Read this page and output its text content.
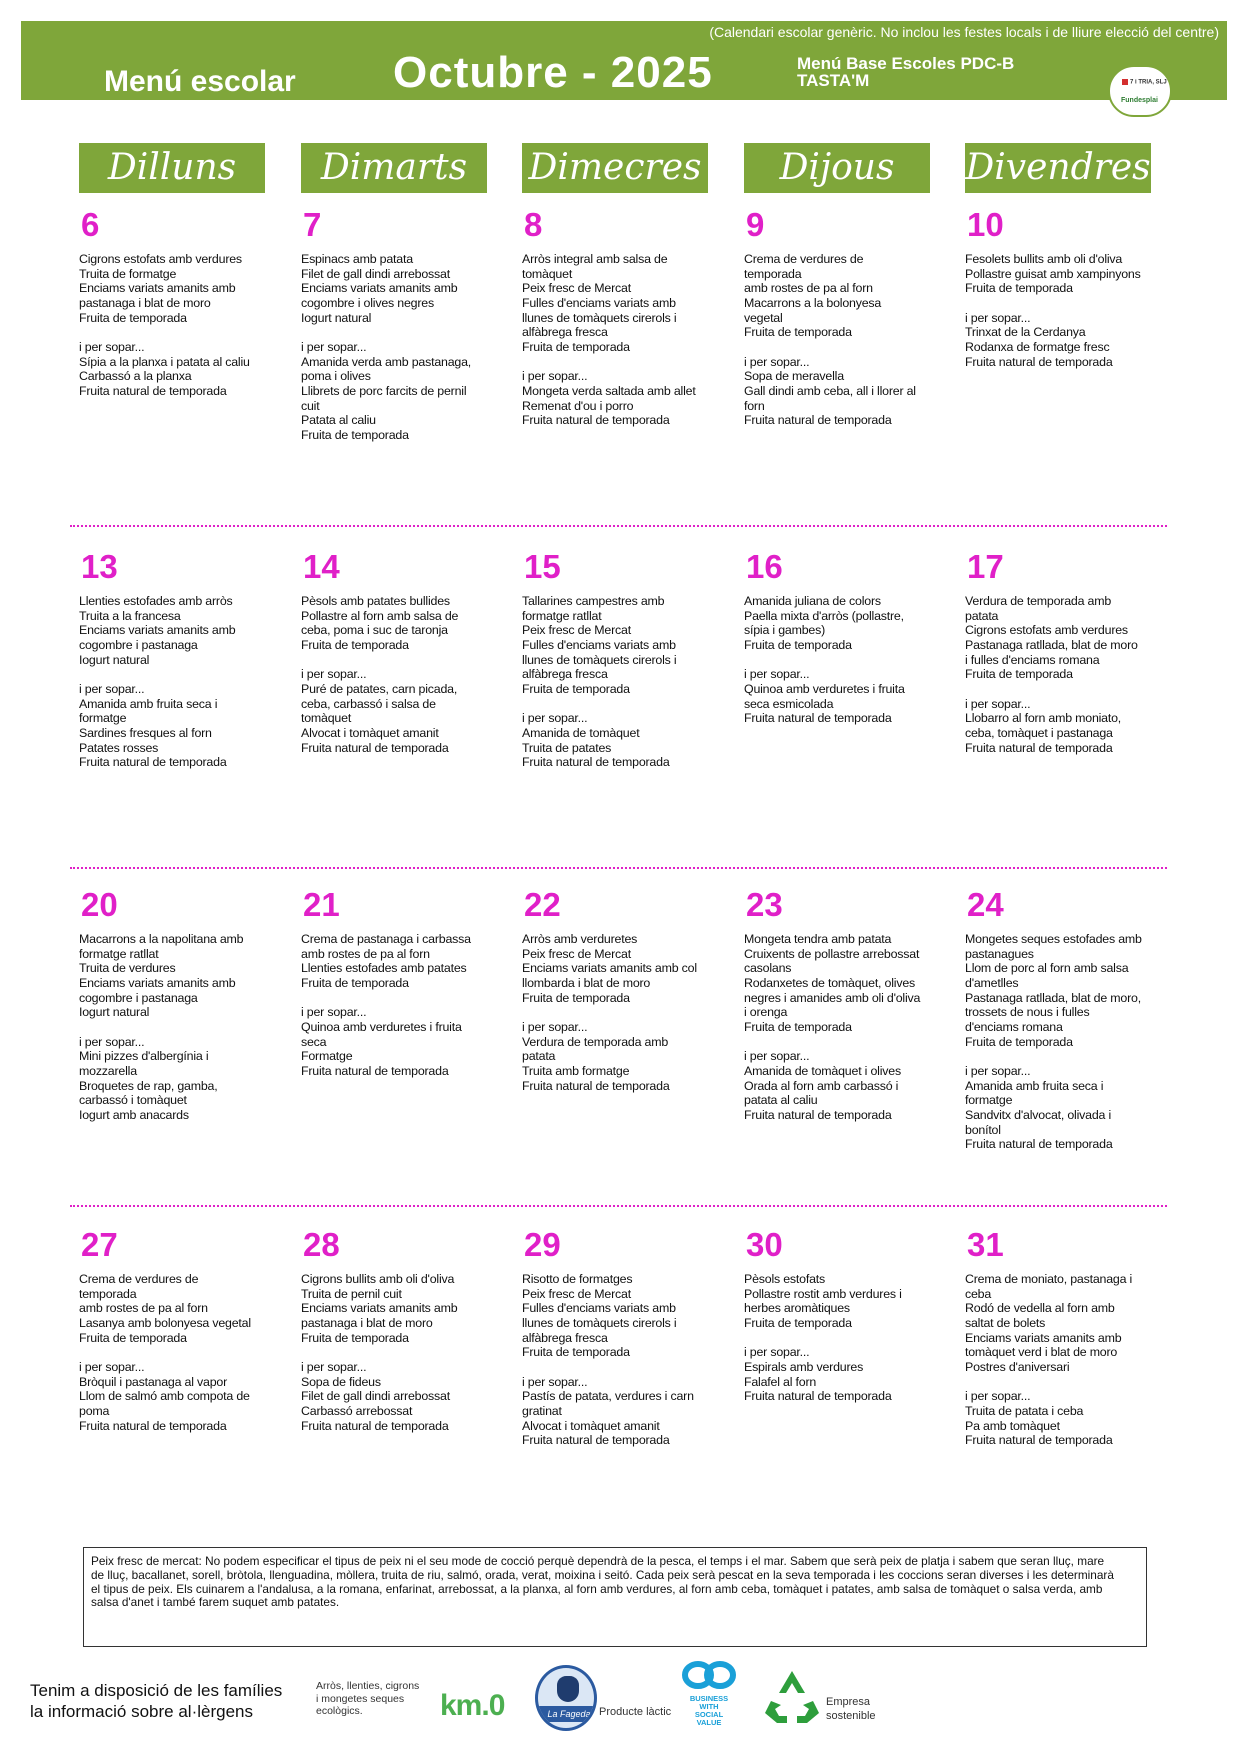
(Calendari escolar genèric. No inclou les festes locals i de lliure elecció del centre)
Menú escolar Octubre - 2025	Menú Base Escoles PDC-B
TASTA'M	7 i TRIA, SLJ
Fundesplai
Dilluns	Dimarts	Dimecres	Dijous	Divendres
6
Cigrons estofats amb verdures
Truita de formatge
Enciams variats amanits amb
pastanaga i blat de moro
Fruita de temporada
i per sopar...
Sípia a la planxa i patata al caliu
Carbassó a la planxa
Fruita natural de temporada
7
Espinacs amb patata
Filet de gall dindi arrebossat
Enciams variats amanits amb
cogombre i olives negres
Iogurt natural
i per sopar...
Amanida verda amb pastanaga,
poma i olives
Llibrets de porc farcits de pernil
cuit
Patata al caliu
Fruita de temporada
8
Arròs integral amb salsa de
tomàquet
Peix fresc de Mercat
Fulles d'enciams variats amb
llunes de tomàquets cirerols i
alfàbrega fresca
Fruita de temporada
i per sopar...
Mongeta verda saltada amb allet
Remenat d'ou i porro
Fruita natural de temporada
9
Crema de verdures de
temporada
amb rostes de pa al forn
Macarrons a la bolonyesa
vegetal
Fruita de temporada
i per sopar...
Sopa de meravella
Gall dindi amb ceba, all i llorer al
forn
Fruita natural de temporada
10
Fesolets bullits amb oli d'oliva
Pollastre guisat amb xampinyons
Fruita de temporada
i per sopar...
Trinxat de la Cerdanya
Rodanxa de formatge fresc
Fruita natural de temporada
13
Llenties estofades amb arròs
Truita a la francesa
Enciams variats amanits amb
cogombre i pastanaga
Iogurt natural
i per sopar...
Amanida amb fruita seca i
formatge
Sardines fresques al forn
Patates rosses
Fruita natural de temporada
14
Pèsols amb patates bullides
Pollastre al forn amb salsa de
ceba, poma i suc de taronja
Fruita de temporada
i per sopar...
Puré de patates, carn picada,
ceba, carbassó i salsa de
tomàquet
Alvocat i tomàquet amanit
Fruita natural de temporada
15
Tallarines campestres amb
formatge ratllat
Peix fresc de Mercat
Fulles d'enciams variats amb
llunes de tomàquets cirerols i
alfàbrega fresca
Fruita de temporada
i per sopar...
Amanida de tomàquet
Truita de patates
Fruita natural de temporada
16
Amanida juliana de colors
Paella mixta d'arròs (pollastre,
sípia i gambes)
Fruita de temporada
i per sopar...
Quinoa amb verduretes i fruita
seca esmicolada
Fruita natural de temporada
17
Verdura de temporada amb
patata
Cigrons estofats amb verdures
Pastanaga ratllada, blat de moro
i fulles d'enciams romana
Fruita de temporada
i per sopar...
Llobarro al forn amb moniato,
ceba, tomàquet i pastanaga
Fruita natural de temporada
20
Macarrons a la napolitana amb
formatge ratllat
Truita de verdures
Enciams variats amanits amb
cogombre i pastanaga
Iogurt natural
i per sopar...
Mini pizzes d'albergínia i
mozzarella
Broquetes de rap, gamba,
carbassó i tomàquet
Iogurt amb anacards
21
Crema de pastanaga i carbassa
amb rostes de pa al forn
Llenties estofades amb patates
Fruita de temporada
i per sopar...
Quinoa amb verduretes i fruita
seca
Formatge
Fruita natural de temporada
22
Arròs amb verduretes
Peix fresc de Mercat
Enciams variats amanits amb col
llombarda i blat de moro
Fruita de temporada
i per sopar...
Verdura de temporada amb
patata
Truita amb formatge
Fruita natural de temporada
23
Mongeta tendra amb patata
Cruixents de pollastre arrebossat
casolans
Rodanxetes de tomàquet, olives
negres i amanides amb oli d'oliva
i orenga
Fruita de temporada
i per sopar...
Amanida de tomàquet i olives
Orada al forn amb carbassó i
patata al caliu
Fruita natural de temporada
24
Mongetes seques estofades amb
pastanagues
Llom de porc al forn amb salsa
d'ametlles
Pastanaga ratllada, blat de moro,
trossets de nous i fulles
d'enciams romana
Fruita de temporada
i per sopar...
Amanida amb fruita seca i
formatge
Sandvitx d'alvocat, olivada i
bonítol
Fruita natural de temporada
27
Crema de verdures de
temporada
amb rostes de pa al forn
Lasanya amb bolonyesa vegetal
Fruita de temporada
i per sopar...
Bròquil i pastanaga al vapor
Llom de salmó amb compota de
poma
Fruita natural de temporada
28
Cigrons bullits amb oli d'oliva
Truita de pernil cuit
Enciams variats amanits amb
pastanaga i blat de moro
Fruita de temporada
i per sopar...
Sopa de fideus
Filet de gall dindi arrebossat
Carbassó arrebossat
Fruita natural de temporada
29
Risotto de formatges
Peix fresc de Mercat
Fulles d'enciams variats amb
llunes de tomàquets cirerols i
alfàbrega fresca
Fruita de temporada
i per sopar...
Pastís de patata, verdures i carn
gratinat
Alvocat i tomàquet amanit
Fruita natural de temporada
30
Pèsols estofats
Pollastre rostit amb verdures i
herbes aromàtiques
Fruita de temporada
i per sopar...
Espirals amb verdures
Falafel al forn
Fruita natural de temporada
31
Crema de moniato, pastanaga i
ceba
Rodó de vedella al forn amb
saltat de bolets
Enciams variats amanits amb
tomàquet verd i blat de moro
Postres d'aniversari
i per sopar...
Truita de patata i ceba
Pa amb tomàquet
Fruita natural de temporada
Peix fresc de mercat: No podem especificar el tipus de peix ni el seu mode de cocció perquè dependrà de la pesca, el temps i el mar. Sabem que serà peix de platja i sabem que seran lluç, mare
de lluç, bacallanet, sorell, bròtola, llenguadina, mòllera, truita de riu, salmó, orada, verat, moixina i seitó. Cada peix serà pescat en la seva temporada i les coccions seran diverses i les determinarà
el tipus de peix. Els cuinarem a l'andalusa, a la romana, enfarinat, arrebossat, a la planxa, al forn amb verdures, al forn amb ceba, tomàquet i patates, amb salsa de tomàquet o salsa verda, amb
salsa d'anet i també farem suquet amb patates.
Tenim a disposició de les famílies
la informació sobre al·lèrgens
Arròs, llenties, cigrons
i mongetes seques
ecològics.	km.0	La Fageda Producte làctic
BUSINESS
WITH
SOCIAL
VALUE
Empresa
sostenible
